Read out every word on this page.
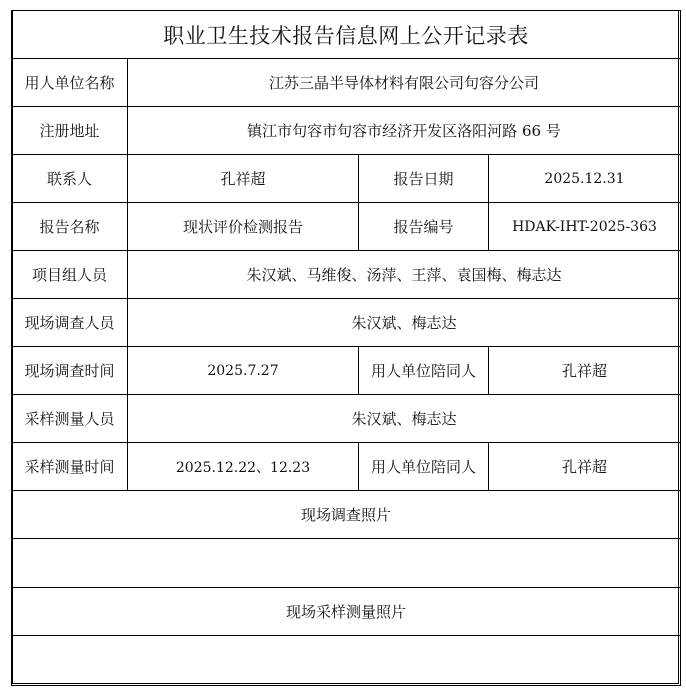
职业卫生技术报告信息网上公开记录表			
用人单位名称	江苏三晶半导体材料有限公司句容分公司		
注册地址	镇江市句容市句容市经济开发区洛阳河路 66 号		
联系人	孔祥超	报告日期	2025.12.31
报告名称	现状评价检测报告	报告编号	HDAK-IHT-2025-363
项目组人员	朱汉斌、马维俊、汤萍、王萍、袁国梅、梅志达		
现场调查人员	朱汉斌、梅志达		
现场调查时间	2025.7.27	用人单位陪同人	孔祥超
采样测量人员	朱汉斌、梅志达		
采样测量时间	2025.12.22、12.23	用人单位陪同人	孔祥超
现场调查照片			

现场采样测量照片			
